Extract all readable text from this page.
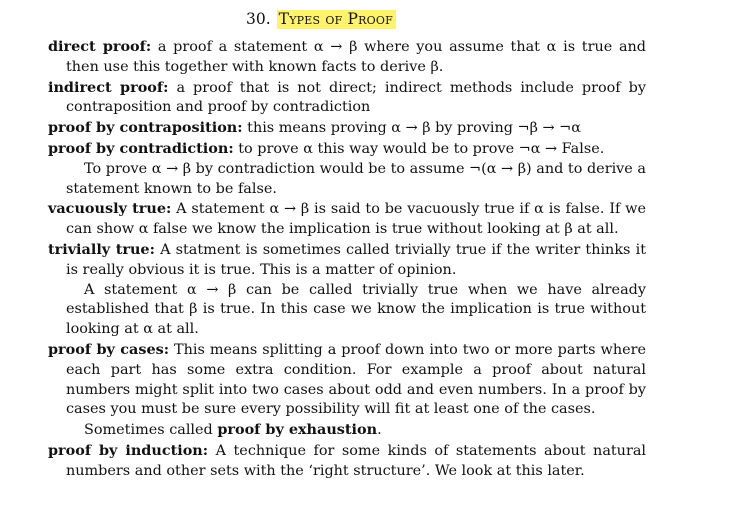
30. Types of Proof

direct proof: a proof a statement α → β where you assume that α is true and then use this together with known facts to derive β.

indirect proof: a proof that is not direct; indirect methods include proof by contraposition and proof by contradiction

proof by contraposition: this means proving α → β by proving ¬β → ¬α

proof by contradiction: to prove α this way would be to prove ¬α → False.
To prove α → β by contradiction would be to assume ¬(α → β) and to derive a statement known to be false.

vacuously true: A statement α → β is said to be vacuously true if α is false. If we can show α false we know the implication is true without looking at β at all.

trivially true: A statment is sometimes called trivially true if the writer thinks it is really obvious it is true. This is a matter of opinion.
A statement α → β can be called trivially true when we have already established that β is true. In this case we know the implication is true without looking at α at all.

proof by cases: This means splitting a proof down into two or more parts where each part has some extra condition. For example a proof about natural numbers might split into two cases about odd and even numbers. In a proof by cases you must be sure every possibility will fit at least one of the cases.
Sometimes called proof by exhaustion.

proof by induction: A technique for some kinds of statements about natural numbers and other sets with the ‘right structure’. We look at this later.
